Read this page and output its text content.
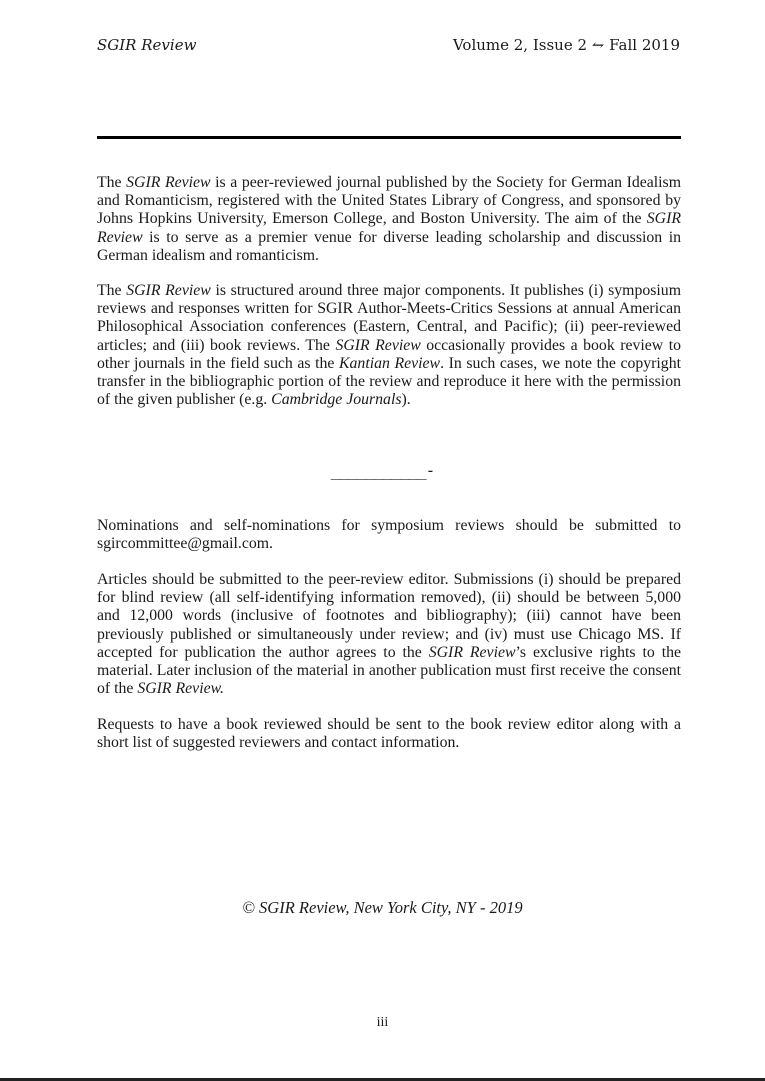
SGIR Review	Volume 2, Issue 2 ⥊ Fall 2019

The SGIR Review is a peer-reviewed journal published by the Society for German Idealism and Romanticism, registered with the United States Library of Congress, and sponsored by Johns Hopkins University, Emerson College, and Boston University. The aim of the SGIR Review is to serve as a premier venue for diverse leading scholarship and discussion in German idealism and romanticism.

The SGIR Review is structured around three major components. It publishes (i) symposium reviews and responses written for SGIR Author-Meets-Critics Sessions at annual American Philosophical Association conferences (Eastern, Central, and Pacific); (ii) peer-reviewed articles; and (iii) book reviews. The SGIR Review occasionally provides a book review to other journals in the field such as the Kantian Review. In such cases, we note the copyright transfer in the bibliographic portion of the review and reproduce it here with the permission of the given publisher (e.g. Cambridge Journals).

___________-

Nominations and self-nominations for symposium reviews should be submitted to sgircommittee@gmail.com.

Articles should be submitted to the peer-review editor. Submissions (i) should be prepared for blind review (all self-identifying information removed), (ii) should be between 5,000 and 12,000 words (inclusive of footnotes and bibliography); (iii) cannot have been previously published or simultaneously under review; and (iv) must use Chicago MS. If accepted for publication the author agrees to the SGIR Review’s exclusive rights to the material. Later inclusion of the material in another publication must first receive the consent of the SGIR Review.

Requests to have a book reviewed should be sent to the book review editor along with a short list of suggested reviewers and contact information.

© SGIR Review, New York City, NY - 2019
iii
